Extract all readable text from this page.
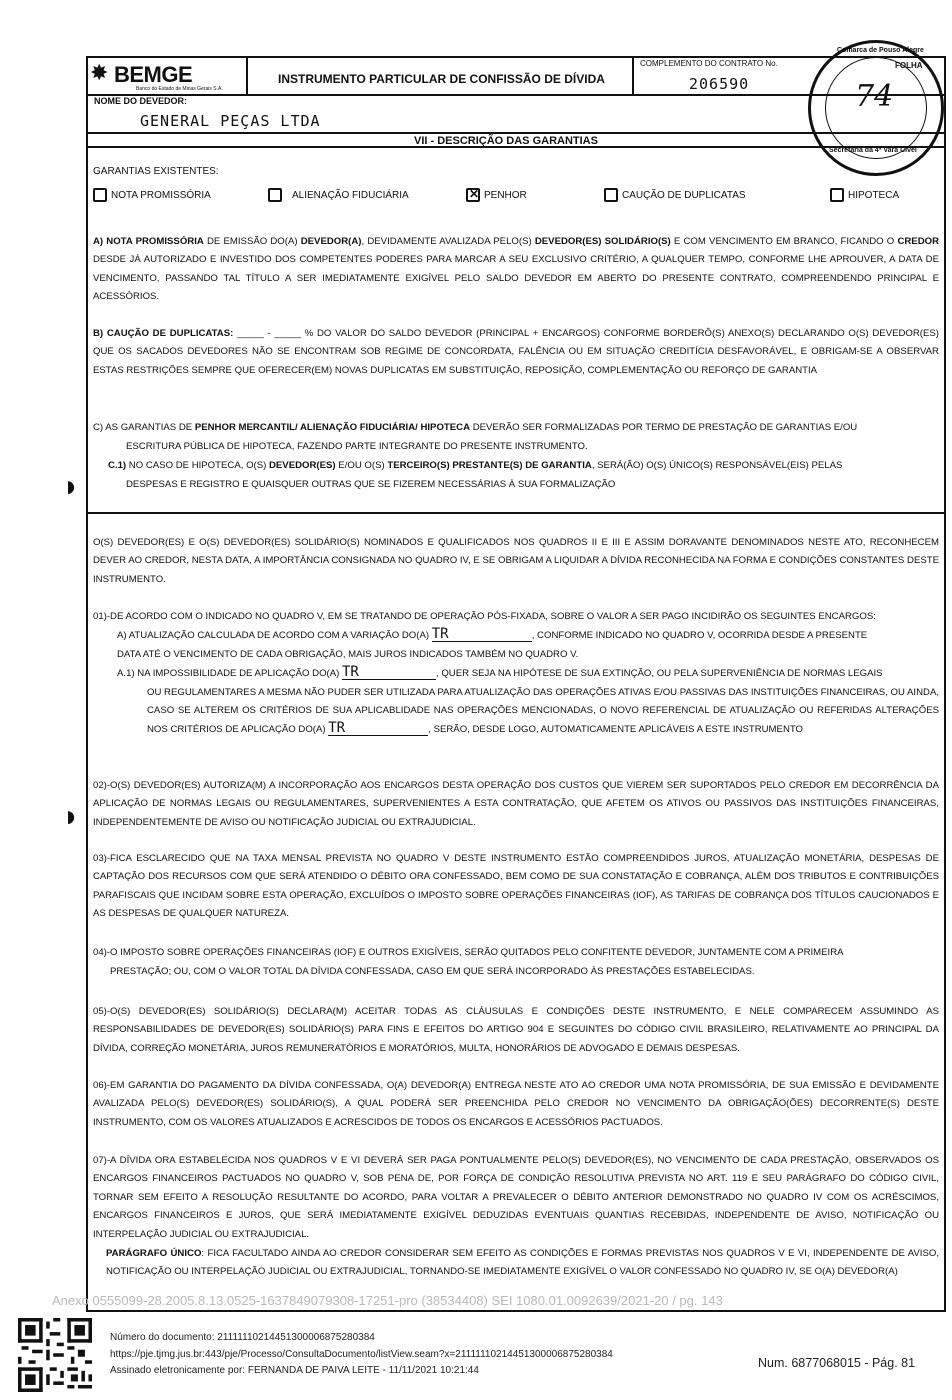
✸ BEMGE
Banco do Estado de Minas Gerais S.A.
INSTRUMENTO PARTICULAR DE CONFISSÃO DE DÍVIDA
COMPLEMENTO DO CONTRATO No.
206590
NOME DO DEVEDOR:
GENERAL PEÇAS LTDA
VII - DESCRIÇÃO DAS GARANTIAS
Comarca de Pouso Alegre
FOLHA
74
Secretaria da 4ª Vara Cível
GARANTIAS EXISTENTES:
NOTA PROMISSÓRIA	ALIENAÇÃO FIDUCIÁRIA
✕	PENHOR	CAUÇÃO DE DUPLICATAS	HIPOTECA
A) NOTA PROMISSÓRIA DE EMISSÃO DO(A) DEVEDOR(A), DEVIDAMENTE AVALIZADA PELO(S) DEVEDOR(ES) SOLIDÁRIO(S) E COM VENCIMENTO EM BRANCO, FICANDO O CREDOR DESDE JÁ AUTORIZADO E INVESTIDO DOS COMPETENTES PODERES PARA MARCAR A SEU EXCLUSIVO CRITÉRIO, A QUALQUER TEMPO, CONFORME LHE APROUVER, A DATA DE VENCIMENTO, PASSANDO TAL TÍTULO A SER IMEDIATAMENTE EXIGÍVEL PELO SALDO DEVEDOR EM ABERTO DO PRESENTE CONTRATO, COMPREENDENDO PRINCIPAL E ACESSÓRIOS.
B) CAUÇÃO DE DUPLICATAS: _____ - _____ % DO VALOR DO SALDO DEVEDOR (PRINCIPAL + ENCARGOS) CONFORME BORDERÔ(S) ANEXO(S) DECLARANDO O(S) DEVEDOR(ES) QUE OS SACADOS DEVEDORES NÃO SE ENCONTRAM SOB REGIME DE CONCORDATA, FALÊNCIA OU EM SITUAÇÃO CREDITÍCIA DESFAVORÁVEL, E OBRIGAM-SE A OBSERVAR ESTAS RESTRIÇÕES SEMPRE QUE OFERECER(EM) NOVAS DUPLICATAS EM SUBSTITUIÇÃO, REPOSIÇÃO, COMPLEMENTAÇÃO OU REFORÇO DE GARANTIA
C) AS GARANTIAS DE PENHOR MERCANTIL/ ALIENAÇÃO FIDUCIÁRIA/ HIPOTECA DEVERÃO SER FORMALIZADAS POR TERMO DE PRESTAÇÃO DE GARANTIAS E/OU
ESCRITURA PÚBLICA DE HIPOTECA, FAZENDO PARTE INTEGRANTE DO PRESENTE INSTRUMENTO.
C.1) NO CASO DE HIPOTECA, O(S) DEVEDOR(ES) E/OU O(S) TERCEIRO(S) PRESTANTE(S) DE GARANTIA, SERÁ(ÃO) O(S) ÚNICO(S) RESPONSÁVEL(EIS) PELAS
DESPESAS E REGISTRO E QUAISQUER OUTRAS QUE SE FIZEREM NECESSÁRIAS À SUA FORMALIZAÇÃO
O(S) DEVEDOR(ES) E O(S) DEVEDOR(ES) SOLIDÁRIO(S) NOMINADOS E QUALIFICADOS NOS QUADROS II E III E ASSIM DORAVANTE DENOMINADOS NESTE ATO, RECONHECEM DEVER AO CREDOR, NESTA DATA, A IMPORTÂNCIA CONSIGNADA NO QUADRO IV, E SE OBRIGAM A LIQUIDAR A DÍVIDA RECONHECIDA NA FORMA E CONDIÇÕES CONSTANTES DESTE INSTRUMENTO.
01)-DE ACORDO COM O INDICADO NO QUADRO V, EM SE TRATANDO DE OPERAÇÃO PÓS-FIXADA, SOBRE O VALOR A SER PAGO INCIDIRÃO OS SEGUINTES ENCARGOS:
A) ATUALIZAÇÃO CALCULADA DE ACORDO COM A VARIAÇÃO DO(A) TR	, CONFORME INDICADO NO QUADRO V, OCORRIDA DESDE A PRESENTE
DATA ATÉ O VENCIMENTO DE CADA OBRIGAÇÃO, MAIS JUROS INDICADOS TAMBÉM NO QUADRO V.
A.1) NA IMPOSSIBILIDADE DE APLICAÇÃO DO(A) TR	, QUER SEJA NA HIPÓTESE DE SUA EXTINÇÃO, OU PELA SUPERVENIÊNCIA DE NORMAS LEGAIS
OU REGULAMENTARES A MESMA NÃO PUDER SER UTILIZADA PARA ATUALIZAÇÃO DAS OPERAÇÕES ATIVAS E/OU PASSIVAS DAS INSTITUIÇÕES FINANCEIRAS, OU AINDA, CASO SE ALTEREM OS CRITÉRIOS DE SUA APLICABLIDADE NAS OPERAÇÕES MENCIONADAS, O NOVO REFERENCIAL DE ATUALIZAÇÃO OU REFERIDAS ALTERAÇÕES NOS CRITÉRIOS DE APLICAÇÃO DO(A) TR	, SERÃO, DESDE LOGO, AUTOMATICAMENTE APLICÁVEIS A ESTE INSTRUMENTO
02)-O(S) DEVEDOR(ES) AUTORIZA(M) A INCORPORAÇÃO AOS ENCARGOS DESTA OPERAÇÃO DOS CUSTOS QUE VIEREM SER SUPORTADOS PELO CREDOR EM DECORRÊNCIA DA APLICAÇÃO DE NORMAS LEGAIS OU REGULAMENTARES, SUPERVENIENTES A ESTA CONTRATAÇÃO, QUE AFETEM OS ATIVOS OU PASSIVOS DAS INSTITUIÇÕES FINANCEIRAS, INDEPENDENTEMENTE DE AVISO OU NOTIFICAÇÃO JUDICIAL OU EXTRAJUDICIAL.
03)-FICA ESCLARECIDO QUE NA TAXA MENSAL PREVISTA NO QUADRO V DESTE INSTRUMENTO ESTÃO COMPREENDIDOS JUROS, ATUALIZAÇÃO MONETÁRIA, DESPESAS DE CAPTAÇÃO DOS RECURSOS COM QUE SERÁ ATENDIDO O DÉBITO ORA CONFESSADO, BEM COMO DE SUA CONSTATAÇÃO E COBRANÇA, ALÉM DOS TRIBUTOS E CONTRIBUIÇÕES PARAFISCAIS QUE INCIDAM SOBRE ESTA OPERAÇÃO, EXCLUÍDOS O IMPOSTO SOBRE OPERAÇÕES FINANCEIRAS (IOF), AS TARIFAS DE COBRANÇA DOS TÍTULOS CAUCIONADOS E AS DESPESAS DE QUALQUER NATUREZA.
04)-O IMPOSTO SOBRE OPERAÇÕES FINANCEIRAS (IOF) E OUTROS EXIGÍVEIS, SERÃO QUITADOS PELO CONFITENTE DEVEDOR, JUNTAMENTE COM A PRIMEIRA
PRESTAÇÃO; OU, COM O VALOR TOTAL DA DÍVIDA CONFESSADA, CASO EM QUE SERÁ INCORPORADO ÀS PRESTAÇÕES ESTABELECIDAS.
05)-O(S) DEVEDOR(ES) SOLIDÁRIO(S) DECLARA(M) ACEITAR TODAS AS CLÁUSULAS E CONDIÇÕES DESTE INSTRUMENTO, E NELE COMPARECEM ASSUMINDO AS RESPONSABILIDADES DE DEVEDOR(ES) SOLIDÁRIO(S) PARA FINS E EFEITOS DO ARTIGO 904 E SEGUINTES DO CÓDIGO CIVIL BRASILEIRO, RELATIVAMENTE AO PRINCIPAL DA DÍVIDA, CORREÇÃO MONETÁRIA, JUROS REMUNERATÓRIOS E MORATÓRIOS, MULTA, HONORÁRIOS DE ADVOGADO E DEMAIS DESPESAS.
06)-EM GARANTIA DO PAGAMENTO DA DÍVIDA CONFESSADA, O(A) DEVEDOR(A) ENTREGA NESTE ATO AO CREDOR UMA NOTA PROMISSÓRIA, DE SUA EMISSÃO E DEVIDAMENTE AVALIZADA PELO(S) DEVEDOR(ES) SOLIDÁRIO(S), A QUAL PODERÁ SER PREENCHIDA PELO CREDOR NO VENCIMENTO DA OBRIGAÇÃO(ÕES) DECORRENTE(S) DESTE INSTRUMENTO, COM OS VALORES ATUALIZADOS E ACRESCIDOS DE TODOS OS ENCARGOS E ACESSÓRIOS PACTUADOS.
07)-A DÍVIDA ORA ESTABELECIDA NOS QUADROS V E VI DEVERÁ SER PAGA PONTUALMENTE PELO(S) DEVEDOR(ES), NO VENCIMENTO DE CADA PRESTAÇÃO, OBSERVADOS OS ENCARGOS FINANCEIROS PACTUADOS NO QUADRO V, SOB PENA DE, POR FORÇA DE CONDIÇÃO RESOLUTIVA PREVISTA NO ART. 119 E SEU PARÁGRAFO DO CÓDIGO CIVIL, TORNAR SEM EFEITO A RESOLUÇÃO RESULTANTE DO ACORDO, PARA VOLTAR A PREVALECER O DÉBITO ANTERIOR DEMONSTRADO NO QUADRO IV COM OS ACRÉSCIMOS, ENCARGOS FINANCEIROS E JUROS, QUE SERÁ IMEDIATAMENTE EXIGÍVEL DEDUZIDAS EVENTUAIS QUANTIAS RECEBIDAS, INDEPENDENTE DE AVISO, NOTIFICAÇÃO OU INTERPELAÇÃO JUDICIAL OU EXTRAJUDICIAL.
PARÁGRAFO ÚNICO: FICA FACULTADO AINDA AO CREDOR CONSIDERAR SEM EFEITO AS CONDIÇÕES E FORMAS PREVISTAS NOS QUADROS V E VI, INDEPENDENTE DE AVISO, NOTIFICAÇÃO OU INTERPELAÇÃO JUDICIAL OU EXTRAJUDICIAL, TORNANDO-SE IMEDIATAMENTE EXIGÍVEL O VALOR CONFESSADO NO QUADRO IV, SE O(A) DEVEDOR(A)
◗
◗
Anexo 0555099-28.2005.8.13.0525-1637849079308-17251-pro (38534408) SEI 1080.01.0092639/2021-20 / pg. 143
Número do documento: 21111110214451300006875280384
https://pje.tjmg.jus.br:443/pje/Processo/ConsultaDocumento/listView.seam?x=21111110214451300006875280384
Assinado eletronicamente por: FERNANDA DE PAIVA LEITE - 11/11/2021 10:21:44
Num. 6877068015 - Pág. 81
